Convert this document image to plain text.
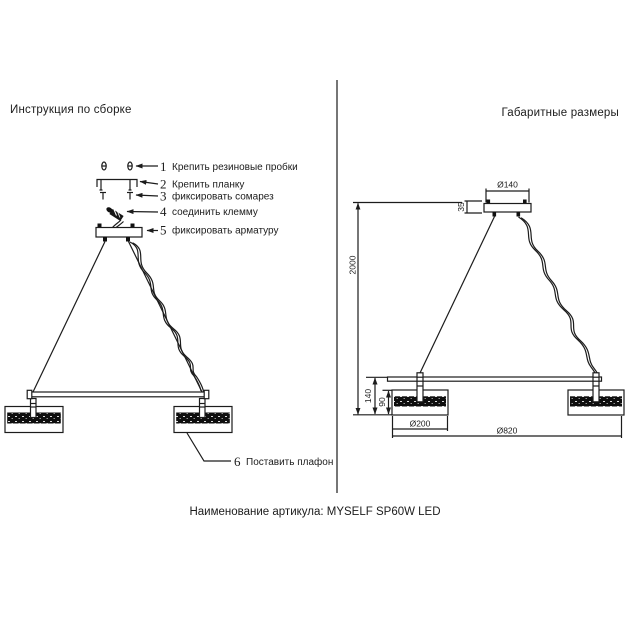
Инструкция по сборке	Габаритные размеры
Наименование артикула: MYSELF SP60W LED
1 Крепить резиновые пробки
2 Крепить планку
3 фиксировать сомарез
4 соединить клемму
5 фиксировать арматуру
6 Поставить плафон
Ø140
35
2000
140 90
Ø200
Ø820
